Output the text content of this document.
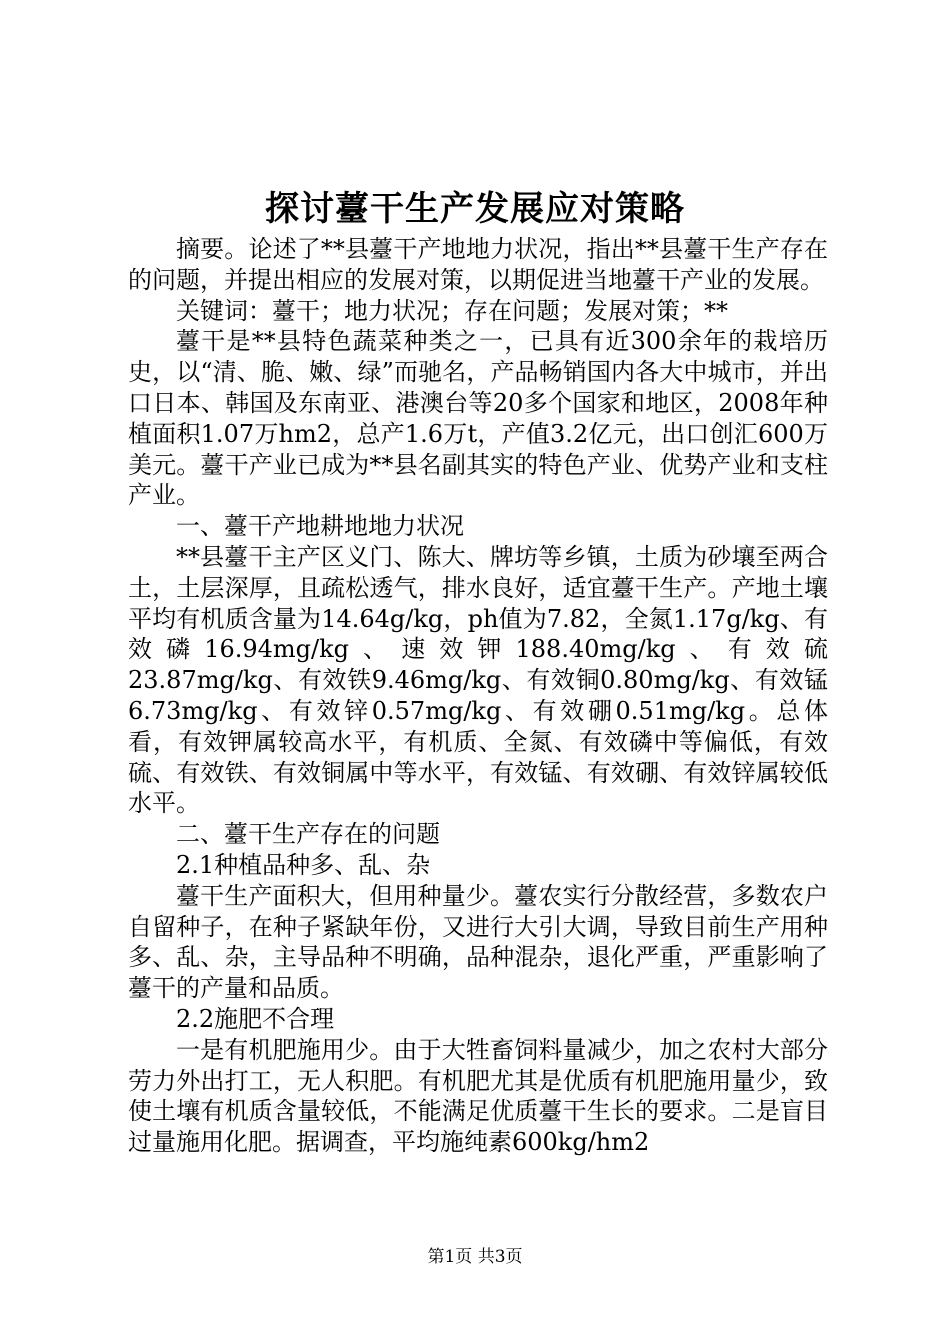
探讨薹干生产发展应对策略

摘要。论述了**县薹干产地地力状况，指出**县薹干生产存在的问题，并提出相应的发展对策，以期促进当地薹干产业的发展。

关键词：薹干；地力状况；存在问题；发展对策；**

薹干是**县特色蔬菜种类之一，已具有近300余年的栽培历史，以“清、脆、嫩、绿”而驰名，产品畅销国内各大中城市，并出口日本、韩国及东南亚、港澳台等20多个国家和地区，2008年种植面积1.07万hm2，总产1.6万t，产值3.2亿元，出口创汇600万美元。薹干产业已成为**县名副其实的特色产业、优势产业和支柱产业。

一、薹干产地耕地地力状况

**县薹干主产区义门、陈大、牌坊等乡镇，土质为砂壤至两合土，土层深厚，且疏松透气，排水良好，适宜薹干生产。产地土壤平均有机质含量为14.64g/kg，ph值为7.82，全氮1.17g/kg、有效磷16.94mg/kg、速效钾188.40mg/kg、有效硫23.87mg/kg、有效铁9.46mg/kg、有效铜0.80mg/kg、有效锰6.73mg/kg、有效锌0.57mg/kg、有效硼0.51mg/kg。总体看，有效钾属较高水平，有机质、全氮、有效磷中等偏低，有效硫、有效铁、有效铜属中等水平，有效锰、有效硼、有效锌属较低水平。

二、薹干生产存在的问题

2.1种植品种多、乱、杂

薹干生产面积大，但用种量少。薹农实行分散经营，多数农户自留种子，在种子紧缺年份，又进行大引大调，导致目前生产用种多、乱、杂，主导品种不明确，品种混杂，退化严重，严重影响了薹干的产量和品质。

2.2施肥不合理

一是有机肥施用少。由于大牲畜饲料量减少，加之农村大部分劳力外出打工，无人积肥。有机肥尤其是优质有机肥施用量少，致使土壤有机质含量较低，不能满足优质薹干生长的要求。二是盲目过量施用化肥。据调查，平均施纯素600kg/hm2

第1页 共3页
